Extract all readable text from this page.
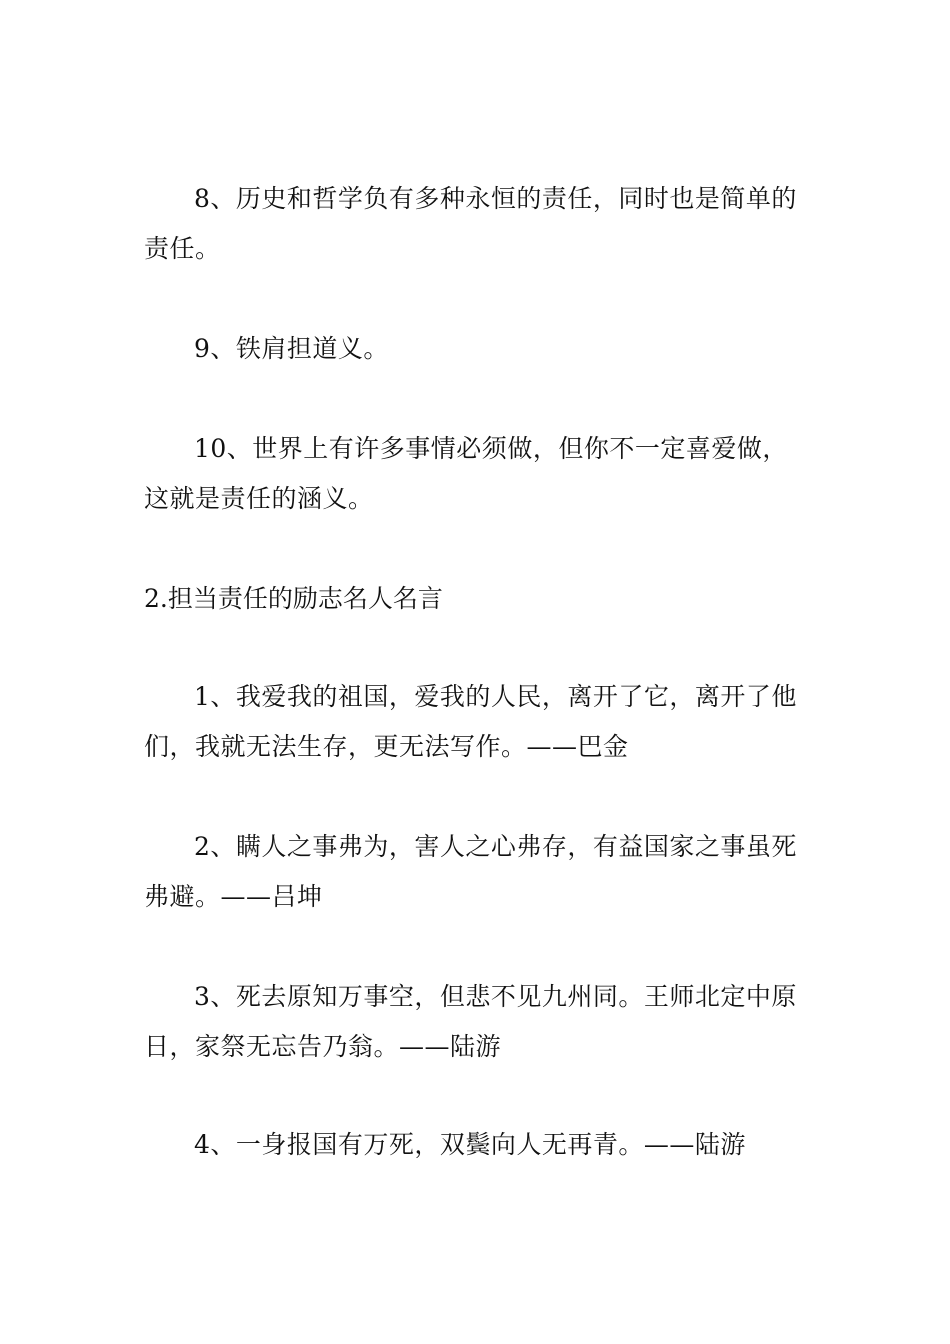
8、历史和哲学负有多种永恒的责任，同时也是简单的责任。

9、铁肩担道义。

10、世界上有许多事情必须做，但你不一定喜爱做，这就是责任的涵义。

2.担当责任的励志名人名言

1、我爱我的祖国，爱我的人民，离开了它，离开了他们，我就无法生存，更无法写作。——巴金

2、瞒人之事弗为，害人之心弗存，有益国家之事虽死弗避。——吕坤

3、死去原知万事空，但悲不见九州同。王师北定中原日，家祭无忘告乃翁。——陆游

4、一身报国有万死，双鬓向人无再青。——陆游
